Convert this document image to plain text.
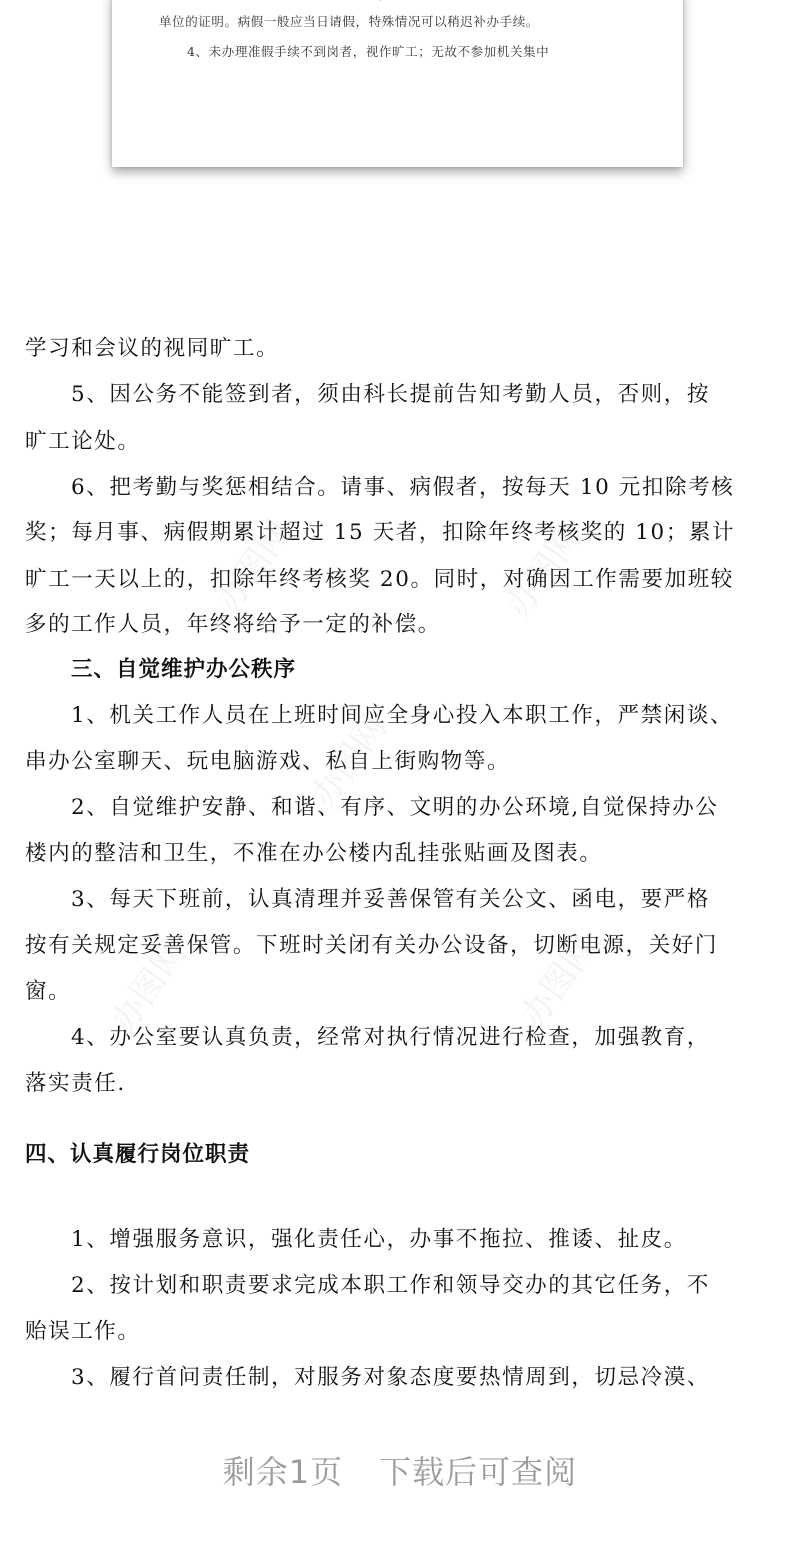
单位的证明。病假一般应当日请假，特殊情况可以稍迟补办手续。

4、未办理准假手续不到岗者，视作旷工；无故不参加机关集中

学习和会议的视同旷工。
5、因公务不能签到者，须由科长提前告知考勤人员，否则，按
旷工论处。
6、把考勤与奖惩相结合。请事、病假者，按每天 10 元扣除考核
奖；每月事、病假期累计超过 15 天者，扣除年终考核奖的 10；累计
旷工一天以上的，扣除年终考核奖 20。同时，对确因工作需要加班较
多的工作人员，年终将给予一定的补偿。
三、自觉维护办公秩序
1、机关工作人员在上班时间应全身心投入本职工作，严禁闲谈、
串办公室聊天、玩电脑游戏、私自上街购物等。
2、自觉维护安静、和谐、有序、文明的办公环境,自觉保持办公
楼内的整洁和卫生，不准在办公楼内乱挂张贴画及图表。
3、每天下班前，认真清理并妥善保管有关公文、函电，要严格
按有关规定妥善保管。下班时关闭有关办公设备，切断电源，关好门
窗。
4、办公室要认真负责，经常对执行情况进行检查，加强教育，
落实责任.
四、认真履行岗位职责
1、增强服务意识，强化责任心，办事不拖拉、推诿、扯皮。
2、按计划和职责要求完成本职工作和领导交办的其它任务，不
贻误工作。
3、履行首问责任制，对服务对象态度要热情周到，切忌冷漠、
办图网	办图网
办图网
办图网	办图网
剩余1页 下载后可查阅
